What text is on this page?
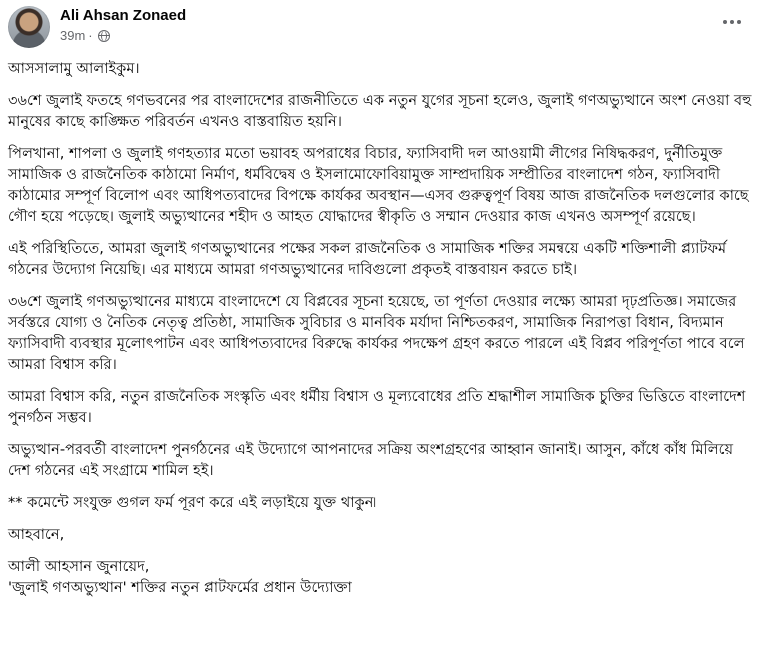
Ali Ahsan Zonaed
39m ·

আসসালামু আলাইকুম।

৩৬শে জুলাই ফতহে গণভবনের পর বাংলাদেশের রাজনীতিতে এক নতুন যুগের সূচনা হলেও, জুলাই গণঅভ্যুত্থানে অংশ নেওয়া বহু মানুষের কাছে কাঙ্ক্ষিত পরিবর্তন এখনও বাস্তবায়িত হয়নি।

পিলখানা, শাপলা ও জুলাই গণহত্যার মতো ভয়াবহ অপরাধের বিচার, ফ্যাসিবাদী দল আওয়ামী লীগের নিষিদ্ধকরণ, দুর্নীতিমুক্ত সামাজিক ও রাজনৈতিক কাঠামো নির্মাণ, ধর্মবিদ্বেষ ও ইসলামোফোবিয়ামুক্ত সাম্প্রদায়িক সম্প্রীতির বাংলাদেশ গঠন, ফ্যাসিবাদী কাঠামোর সম্পূর্ণ বিলোপ এবং আধিপত্যবাদের বিপক্ষে কার্যকর অবস্থান—এসব গুরুত্বপূর্ণ বিষয় আজ রাজনৈতিক দলগুলোর কাছে গৌণ হয়ে পড়েছে। জুলাই অভ্যুত্থানের শহীদ ও আহত যোদ্ধাদের স্বীকৃতি ও সম্মান দেওয়ার কাজ এখনও অসম্পূর্ণ রয়েছে।

এই পরিস্থিতিতে, আমরা জুলাই গণঅভ্যুত্থানের পক্ষের সকল রাজনৈতিক ও সামাজিক শক্তির সমন্বয়ে একটি শক্তিশালী প্ল্যাটফর্ম গঠনের উদ্যোগ নিয়েছি। এর মাধ্যমে আমরা গণঅভ্যুত্থানের দাবিগুলো প্রকৃতই বাস্তবায়ন করতে চাই।

৩৬শে জুলাই গণঅভ্যুত্থানের মাধ্যমে বাংলাদেশে যে বিপ্লবের সূচনা হয়েছে, তা পূর্ণতা দেওয়ার লক্ষ্যে আমরা দৃঢ়প্রতিজ্ঞ। সমাজের সর্বস্তরে যোগ্য ও নৈতিক নেতৃত্ব প্রতিষ্ঠা, সামাজিক সুবিচার ও মানবিক মর্যাদা নিশ্চিতকরণ, সামাজিক নিরাপত্তা বিধান, বিদ্যমান ফ্যাসিবাদী ব্যবস্থার মূলোৎপাটন এবং আধিপত্যবাদের বিরুদ্ধে কার্যকর পদক্ষেপ গ্রহণ করতে পারলে এই বিপ্লব পরিপূর্ণতা পাবে বলে আমরা বিশ্বাস করি।

আমরা বিশ্বাস করি, নতুন রাজনৈতিক সংস্কৃতি এবং ধর্মীয় বিশ্বাস ও মূল্যবোধের প্রতি শ্রদ্ধাশীল সামাজিক চুক্তির ভিত্তিতে বাংলাদেশ পুনর্গঠন সম্ভব।

অভ্যুত্থান-পরবর্তী বাংলাদেশ পুনর্গঠনের এই উদ্যোগে আপনাদের সক্রিয় অংশগ্রহণের আহ্বান জানাই। আসুন, কাঁধে কাঁধ মিলিয়ে দেশ গঠনের এই সংগ্রামে শামিল হই।

** কমেন্টে সংযুক্ত গুগল ফর্ম পূরণ করে এই লড়াইয়ে যুক্ত থাকুন৷

আহবানে,

আলী আহসান জুনায়েদ,
'জুলাই গণঅভ্যুত্থান' শক্তির নতুন প্লাটফর্মের প্রধান উদ্যোক্তা
